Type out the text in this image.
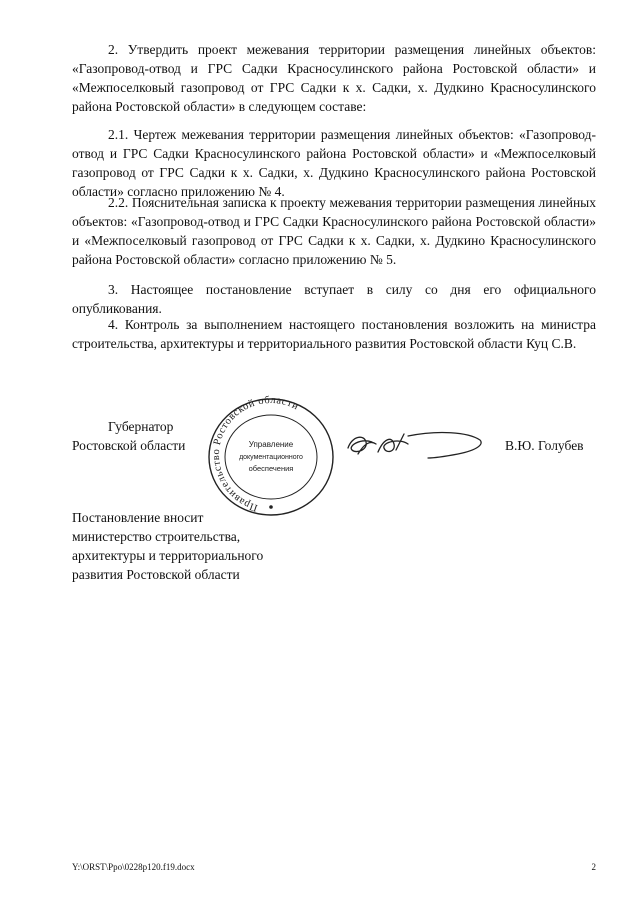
2. Утвердить проект межевания территории размещения линейных объектов: «Газопровод-отвод и ГРС Садки Красносулинского района Ростовской области» и «Межпоселковый газопровод от ГРС Садки к х. Садки, х. Дудкино Красносулинского района Ростовской области» в следующем составе:

2.1. Чертеж межевания территории размещения линейных объектов: «Газопровод-отвод и ГРС Садки Красносулинского района Ростовской области» и «Межпоселковый газопровод от ГРС Садки к х. Садки, х. Дудкино Красносулинского района Ростовской области» согласно приложению № 4.

2.2. Пояснительная записка к проекту межевания территории размещения линейных объектов: «Газопровод-отвод и ГРС Садки Красносулинского района Ростовской области» и «Межпоселковый газопровод от ГРС Садки к х. Садки, х. Дудкино Красносулинского района Ростовской области» согласно приложению № 5.

3. Настоящее постановление вступает в силу со дня его официального опубликования.

4. Контроль за выполнением настоящего постановления возложить на министра строительства, архитектуры и территориального развития Ростовской области Куц С.В.

Губернатор
Ростовской области
Правительство Ростовской области
Управление
документационного
обеспечения
В.Ю. Голубев
Постановление вносит
министерство строительства,
архитектуры и территориального
развития Ростовской области
Y:\ORST\Ppo\0228p120.f19.docx	2
